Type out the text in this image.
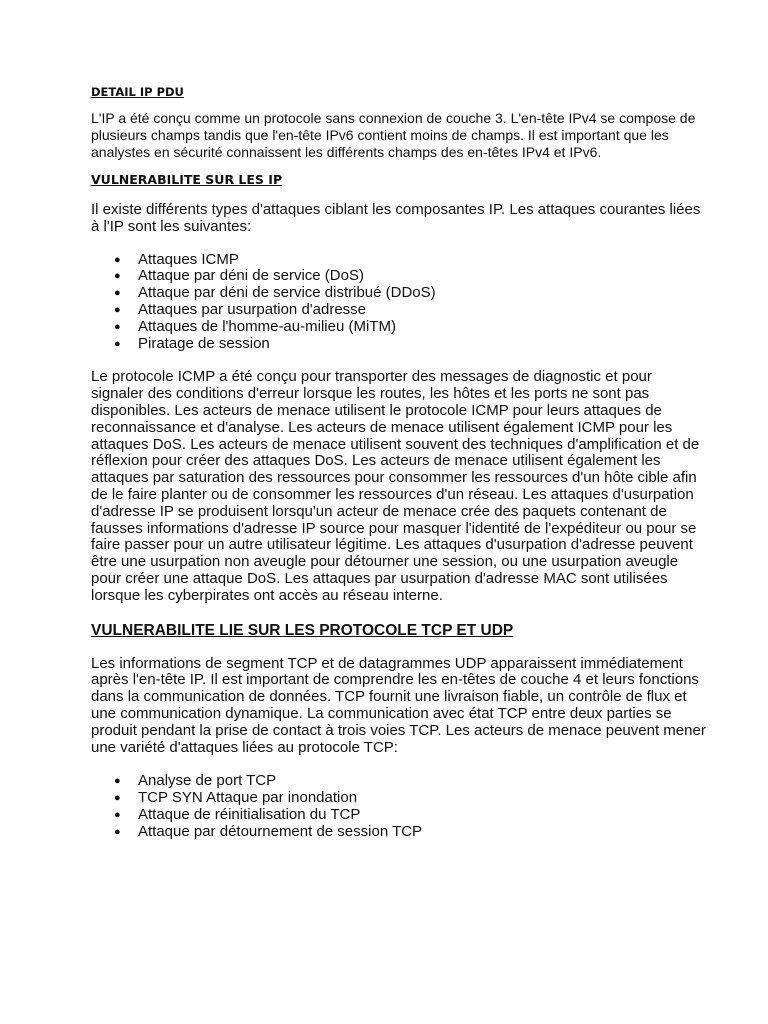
DETAIL IP PDU

L'IP a été conçu comme un protocole sans connexion de couche 3. L'en-tête IPv4 se compose de plusieurs champs tandis que l'en-tête IPv6 contient moins de champs. Il est important que les analystes en sécurité connaissent les différents champs des en-têtes IPv4 et IPv6.

VULNERABILITE SUR LES IP

Il existe différents types d'attaques ciblant les composantes IP. Les attaques courantes liées à l'IP sont les suivantes:

● Attaques ICMP
● Attaque par déni de service (DoS)
● Attaque par déni de service distribué (DDoS)
● Attaques par usurpation d'adresse
● Attaques de l'homme-au-milieu (MiTM)
● Piratage de session

Le protocole ICMP a été conçu pour transporter des messages de diagnostic et pour signaler des conditions d'erreur lorsque les routes, les hôtes et les ports ne sont pas disponibles. Les acteurs de menace utilisent le protocole ICMP pour leurs attaques de reconnaissance et d'analyse. Les acteurs de menace utilisent également ICMP pour les attaques DoS. Les acteurs de menace utilisent souvent des techniques d'amplification et de réflexion pour créer des attaques DoS. Les acteurs de menace utilisent également les attaques par saturation des ressources pour consommer les ressources d'un hôte cible afin de le faire planter ou de consommer les ressources d'un réseau. Les attaques d'usurpation d'adresse IP se produisent lorsqu'un acteur de menace crée des paquets contenant de fausses informations d'adresse IP source pour masquer l'identité de l'expéditeur ou pour se faire passer pour un autre utilisateur légitime. Les attaques d'usurpation d'adresse peuvent être une usurpation non aveugle pour détourner une session, ou une usurpation aveugle pour créer une attaque DoS. Les attaques par usurpation d'adresse MAC sont utilisées lorsque les cyberpirates ont accès au réseau interne.

VULNERABILITE LIE SUR LES PROTOCOLE TCP ET UDP

Les informations de segment TCP et de datagrammes UDP apparaissent immédiatement après l'en-tête IP. Il est important de comprendre les en-têtes de couche 4 et leurs fonctions dans la communication de données. TCP fournit une livraison fiable, un contrôle de flux et une communication dynamique. La communication avec état TCP entre deux parties se produit pendant la prise de contact à trois voies TCP. Les acteurs de menace peuvent mener une variété d'attaques liées au protocole TCP:

● Analyse de port TCP
● TCP SYN Attaque par inondation
● Attaque de réinitialisation du TCP
● Attaque par détournement de session TCP
